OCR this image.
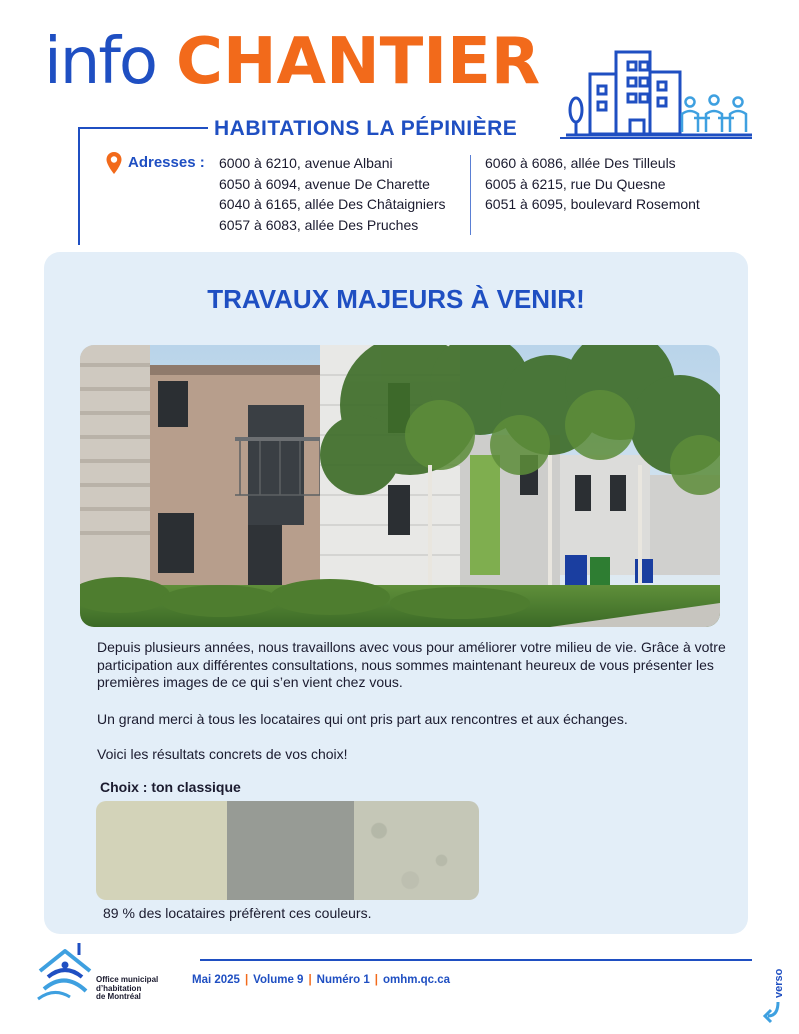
info CHANTIER
HABITATIONS LA PÉPINIÈRE
Adresses : 6000 à 6210, avenue Albani
6050 à 6094, avenue De Charette
6040 à 6165, allée Des Châtaigniers
6057 à 6083, allée Des Pruches
6060 à 6086, allée Des Tilleuls
6005 à 6215, rue Du Quesne
6051 à 6095, boulevard Rosemont
TRAVAUX MAJEURS À VENIR!
Depuis plusieurs années, nous travaillons avec vous pour améliorer votre milieu de vie. Grâce à votre participation aux différentes consultations, nous sommes maintenant heureux de vous présenter les premières images de ce qui s’en vient chez vous.
Un grand merci à tous les locataires qui ont pris part aux rencontres et aux échanges.
Voici les résultats concrets de vos choix!
Choix : ton classique
89 % des locataires préfèrent ces couleurs.
Office municipal
d’habitation
de Montréal
Mai 2025 | Volume 9 | Numéro 1 | omhm.qc.ca	verso
